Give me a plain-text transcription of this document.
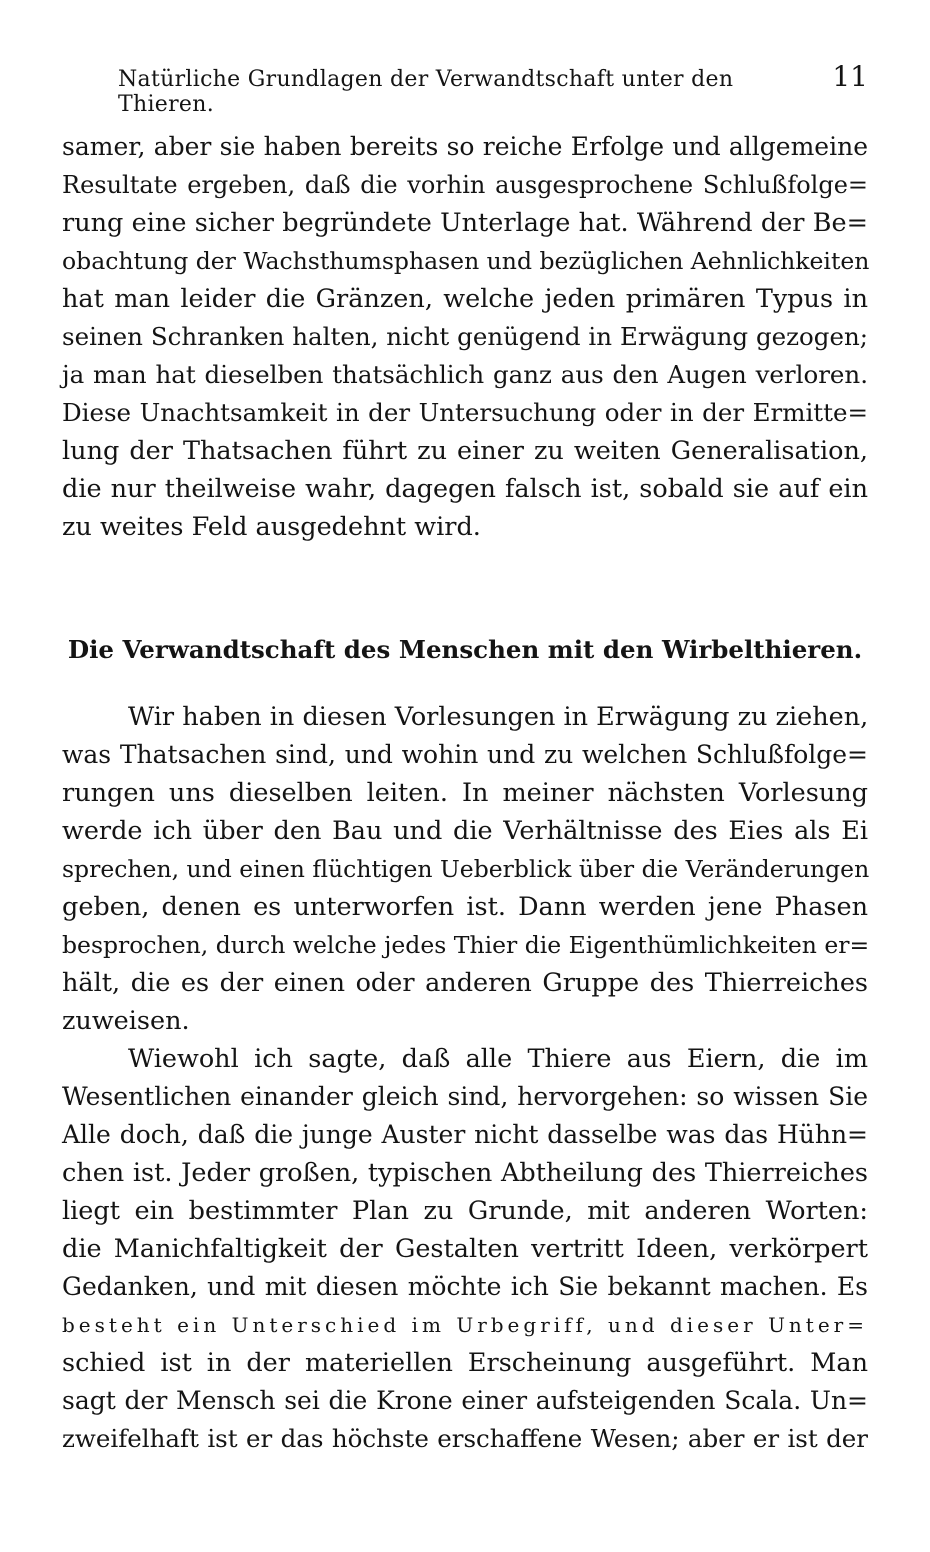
Natürliche Grundlagen der Verwandtschaft unter den Thieren.
11
samer, aber sie haben bereits so reiche Erfolge und allgemeine
Resultate ergeben, daß die vorhin ausgesprochene Schlußfolge=
rung eine sicher begründete Unterlage hat. Während der Be=
obachtung der Wachsthumsphasen und bezüglichen Aehnlichkeiten
hat man leider die Gränzen, welche jeden primären Typus in
seinen Schranken halten, nicht genügend in Erwägung gezogen;
ja man hat dieselben thatsächlich ganz aus den Augen verloren.
Diese Unachtsamkeit in der Untersuchung oder in der Ermitte=
lung der Thatsachen führt zu einer zu weiten Generalisation,
die nur theilweise wahr, dagegen falsch ist, sobald sie auf ein
zu weites Feld ausgedehnt wird.
Die Verwandtschaft des Menschen mit den Wirbelthieren.
Wir haben in diesen Vorlesungen in Erwägung zu ziehen,
was Thatsachen sind, und wohin und zu welchen Schlußfolge=
rungen uns dieselben leiten. In meiner nächsten Vorlesung
werde ich über den Bau und die Verhältnisse des Eies als Ei
sprechen, und einen flüchtigen Ueberblick über die Veränderungen
geben, denen es unterworfen ist. Dann werden jene Phasen
besprochen, durch welche jedes Thier die Eigenthümlichkeiten er=
hält, die es der einen oder anderen Gruppe des Thierreiches
zuweisen.
Wiewohl ich sagte, daß alle Thiere aus Eiern, die im
Wesentlichen einander gleich sind, hervorgehen: so wissen Sie
Alle doch, daß die junge Auster nicht dasselbe was das Hühn=
chen ist. Jeder großen, typischen Abtheilung des Thierreiches
liegt ein bestimmter Plan zu Grunde, mit anderen Worten:
die Manichfaltigkeit der Gestalten vertritt Ideen, verkörpert
Gedanken, und mit diesen möchte ich Sie bekannt machen. Es
besteht ein Unterschied im Urbegriff, und dieser Unter=
schied ist in der materiellen Erscheinung ausgeführt. Man
sagt der Mensch sei die Krone einer aufsteigenden Scala. Un=
zweifelhaft ist er das höchste erschaffene Wesen; aber er ist der
